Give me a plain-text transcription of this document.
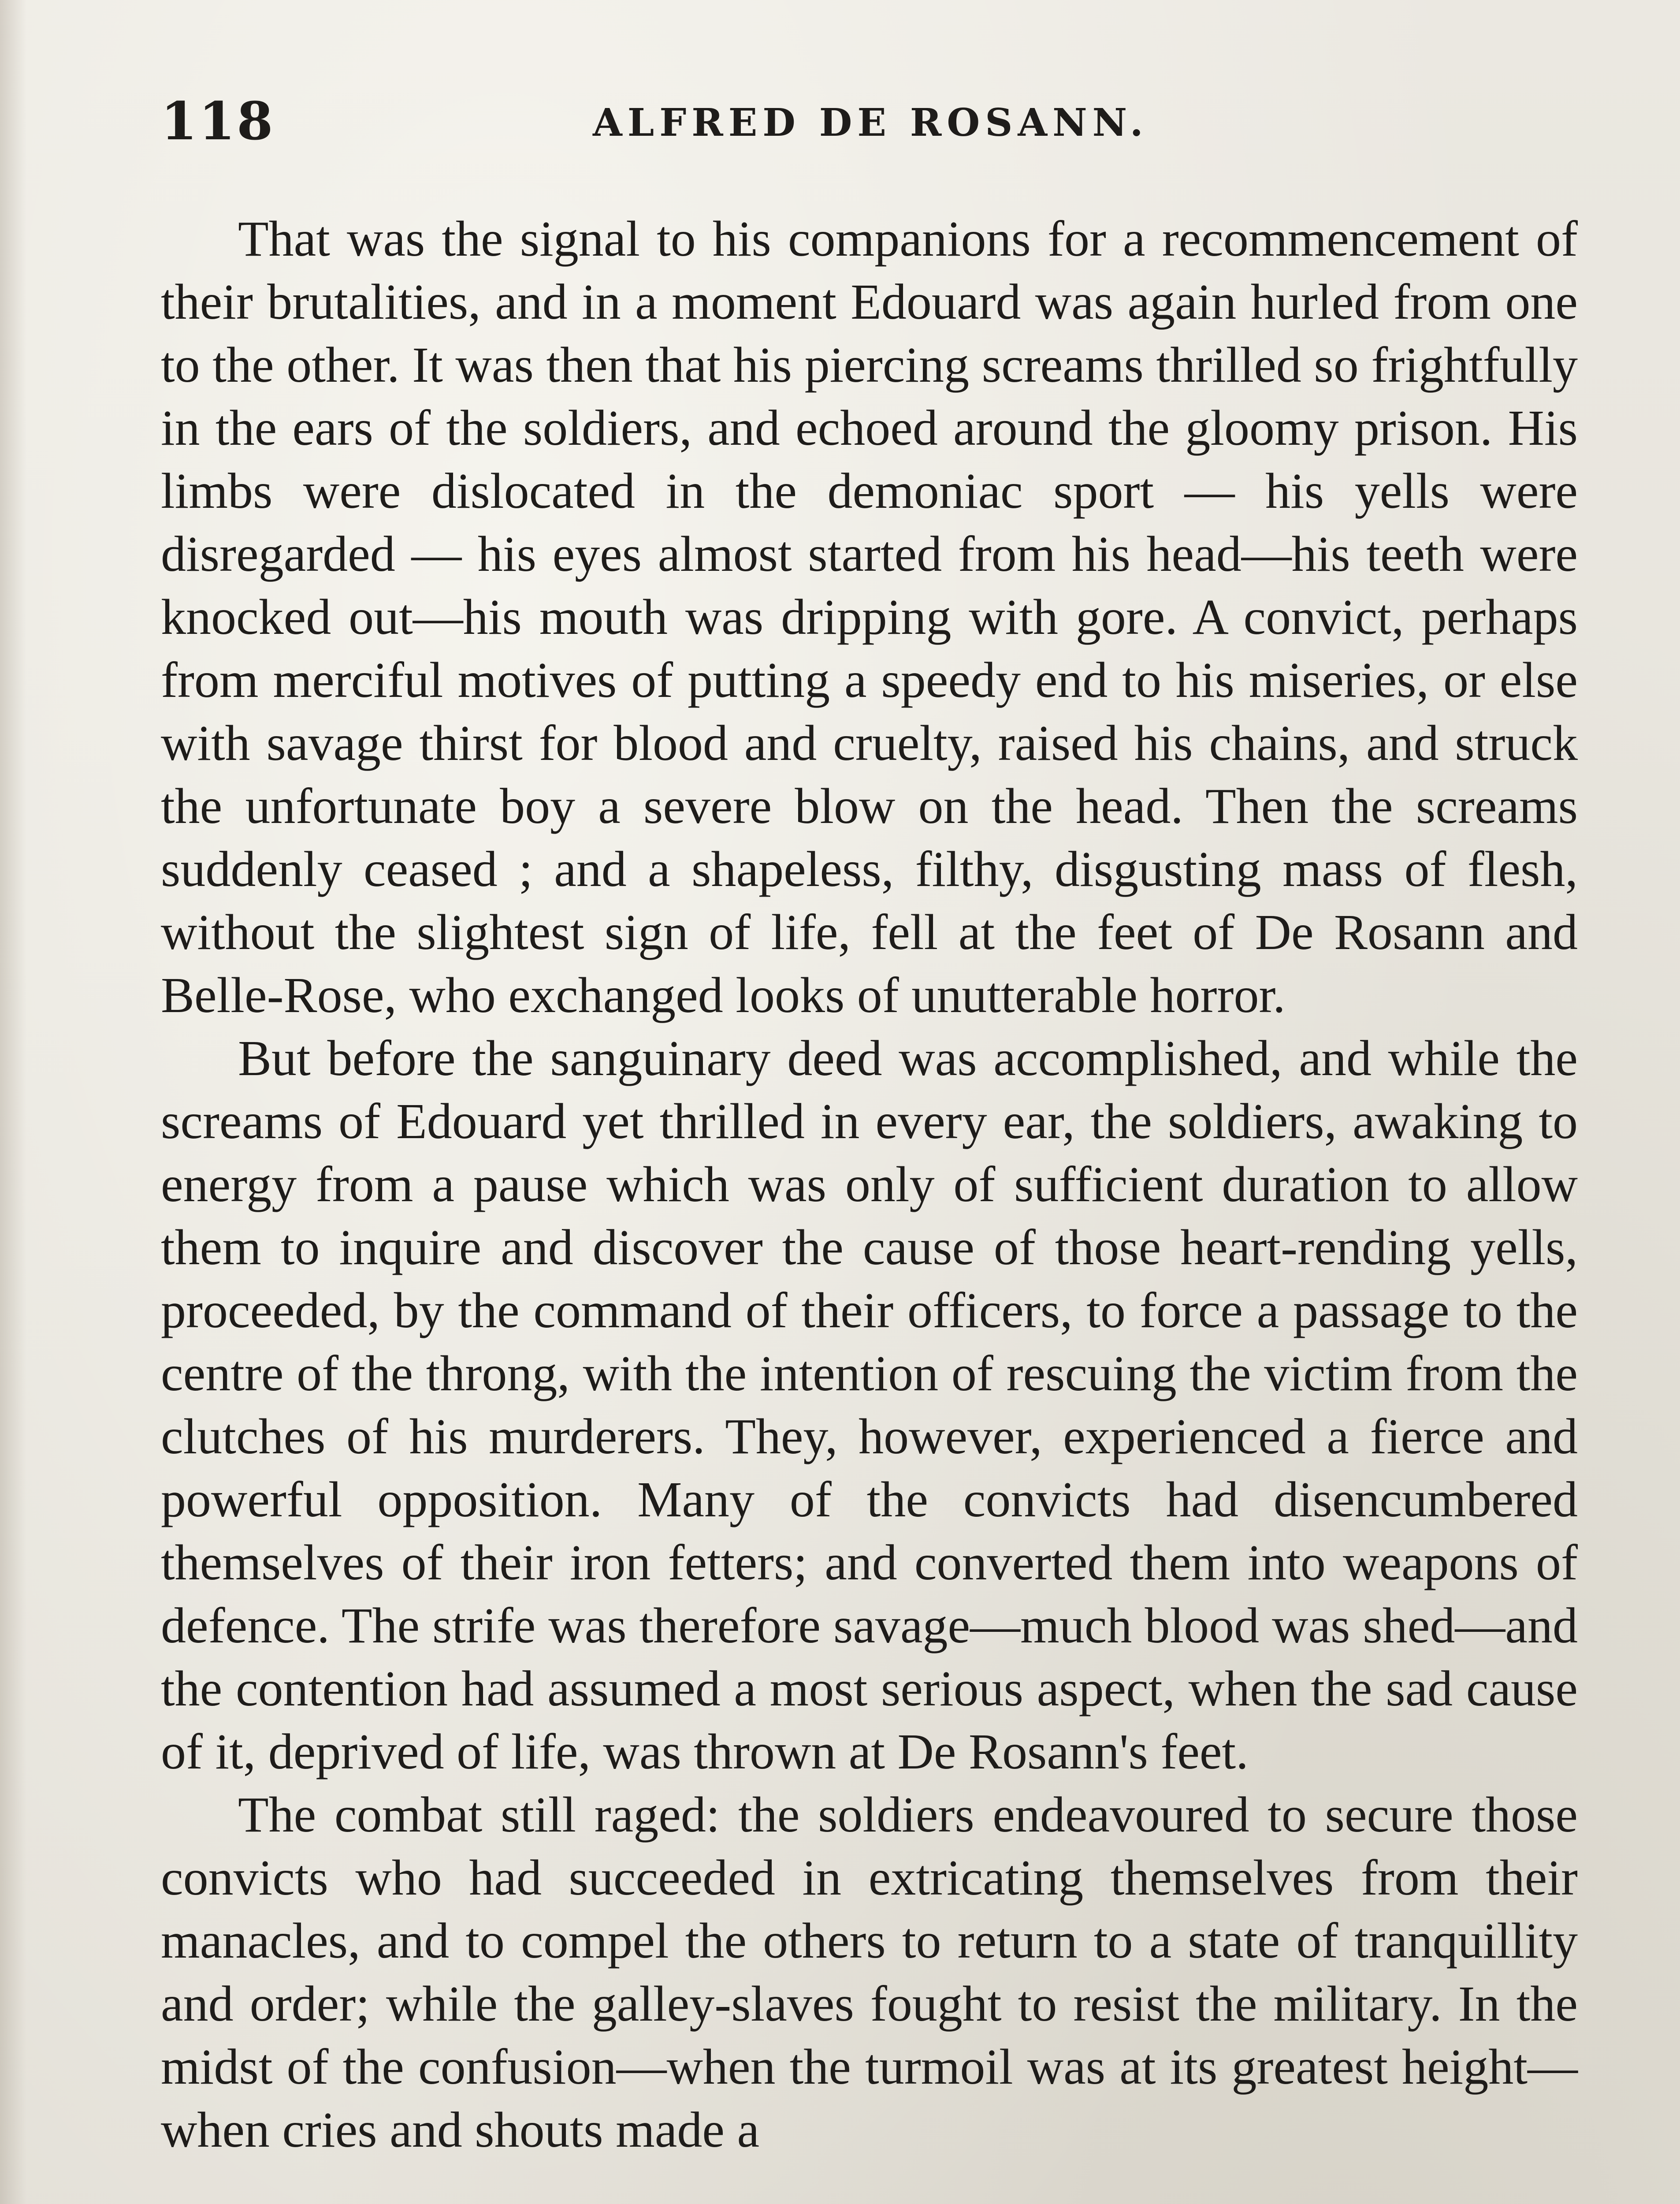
118	ALFRED DE ROSANN.

That was the signal to his companions for a recommencement of their brutalities, and in a moment Edouard was again hurled from one to the other. It was then that his piercing screams thrilled so frightfully in the ears of the soldiers, and echoed around the gloomy prison. His limbs were dislocated in the demoniac sport — his yells were disregarded — his eyes almost started from his head—his teeth were knocked out—his mouth was dripping with gore. A convict, perhaps from merciful motives of putting a speedy end to his miseries, or else with savage thirst for blood and cruelty, raised his chains, and struck the unfortunate boy a severe blow on the head. Then the screams suddenly ceased ; and a shapeless, filthy, disgusting mass of flesh, without the slightest sign of life, fell at the feet of De Rosann and Belle-Rose, who exchanged looks of unutterable horror.

But before the sanguinary deed was accomplished, and while the screams of Edouard yet thrilled in every ear, the soldiers, awaking to energy from a pause which was only of sufficient duration to allow them to inquire and discover the cause of those heart-rending yells, proceeded, by the command of their officers, to force a passage to the centre of the throng, with the intention of rescuing the victim from the clutches of his murderers. They, however, experienced a fierce and powerful opposition. Many of the convicts had disencumbered themselves of their iron fetters; and converted them into weapons of defence. The strife was therefore savage—much blood was shed—and the contention had assumed a most serious aspect, when the sad cause of it, deprived of life, was thrown at De Rosann's feet.

The combat still raged: the soldiers endeavoured to secure those convicts who had succeeded in extricating themselves from their manacles, and to compel the others to return to a state of tranquillity and order; while the galley-slaves fought to resist the military. In the midst of the confusion—when the turmoil was at its greatest height—when cries and shouts made a
